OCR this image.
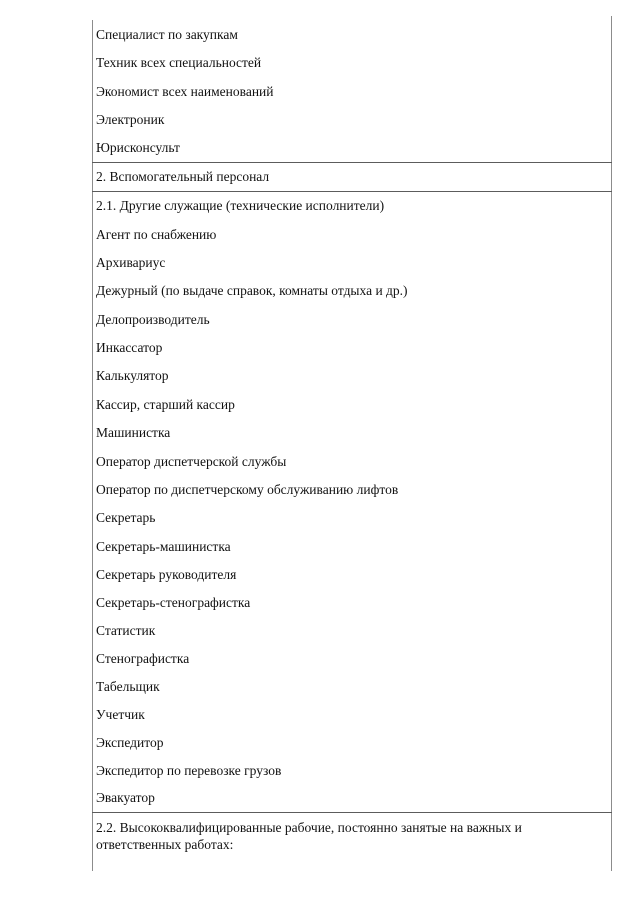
Специалист по закупкам
Техник всех специальностей
Экономист всех наименований
Электроник
Юрисконсульт
2. Вспомогательный персонал
2.1. Другие служащие (технические исполнители)
Агент по снабжению
Архивариус
Дежурный (по выдаче справок, комнаты отдыха и др.)
Делопроизводитель
Инкассатор
Калькулятор
Кассир, старший кассир
Машинистка
Оператор диспетчерской службы
Оператор по диспетчерскому обслуживанию лифтов
Секретарь
Секретарь-машинистка
Секретарь руководителя
Секретарь-стенографистка
Статистик
Стенографистка
Табельщик
Учетчик
Экспедитор
Экспедитор по перевозке грузов
Эвакуатор
2.2. Высококвалифицированные рабочие, постоянно занятые на важных и ответственных работах:
